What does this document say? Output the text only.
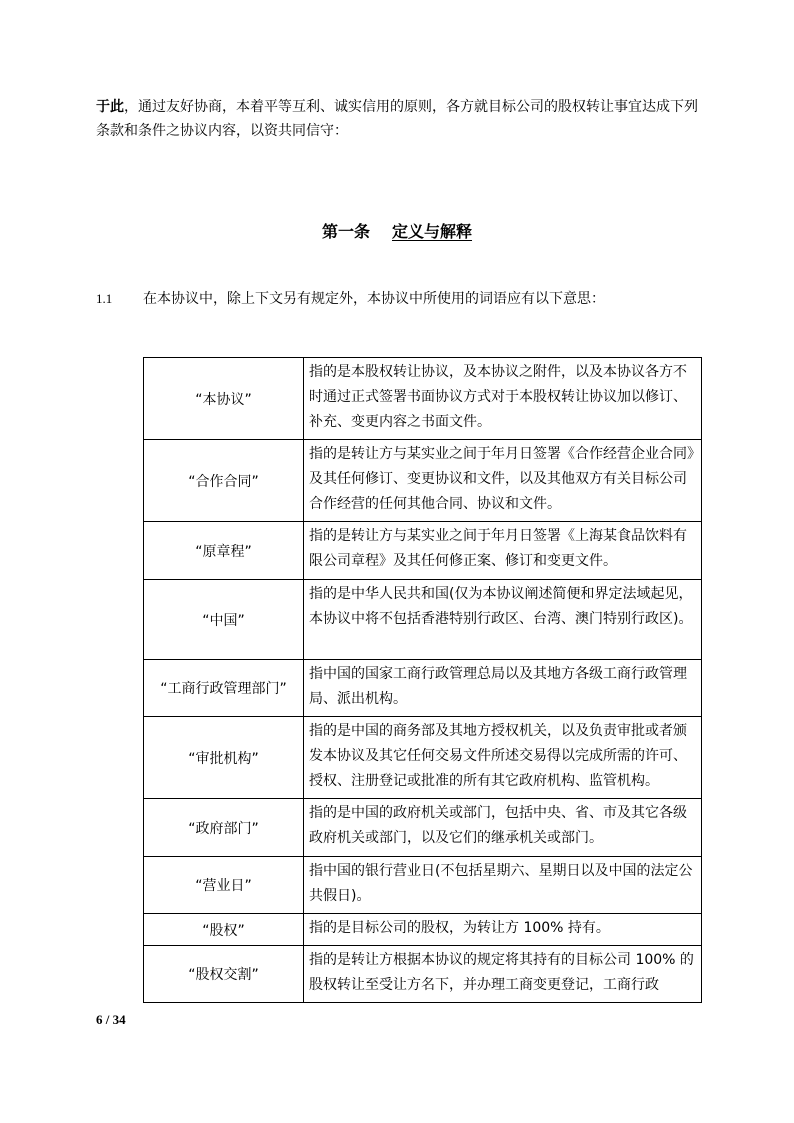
于此，通过友好协商，本着平等互利、诚实信用的原则，各方就目标公司的股权转让事宜达成下列条款和条件之协议内容，以资共同信守：

第一条 定义与解释

1.1 在本协议中，除上下文另有规定外，本协议中所使用的词语应有以下意思：

“本协议”	指的是本股权转让协议，及本协议之附件，以及本协议各方不时通过正式签署书面协议方式对于本股权转让协议加以修订、补充、变更内容之书面文件。
“合作合同”	指的是转让方与某实业之间于年月日签署《合作经营企业合同》及其任何修订、变更协议和文件，以及其他双方有关目标公司合作经营的任何其他合同、协议和文件。
“原章程”	指的是转让方与某实业之间于年月日签署《上海某食品饮料有限公司章程》及其任何修正案、修订和变更文件。
“中国”	指的是中华人民共和国(仅为本协议阐述简便和界定法域起见，本协议中将不包括香港特别行政区、台湾、澳门特别行政区)。
“工商行政管理部门”	指中国的国家工商行政管理总局以及其地方各级工商行政管理局、派出机构。
“审批机构”	指的是中国的商务部及其地方授权机关，以及负责审批或者颁发本协议及其它任何交易文件所述交易得以完成所需的许可、授权、注册登记或批准的所有其它政府机构、监管机构。
“政府部门”	指的是中国的政府机关或部门，包括中央、省、市及其它各级政府机关或部门，以及它们的继承机关或部门。
“营业日”	指中国的银行营业日(不包括星期六、星期日以及中国的法定公共假日)。
“股权”	指的是目标公司的股权，为转让方 100% 持有。
“股权交割”	指的是转让方根据本协议的规定将其持有的目标公司 100% 的股权转让至受让方名下，并办理工商变更登记，工商行政
6 / 34
